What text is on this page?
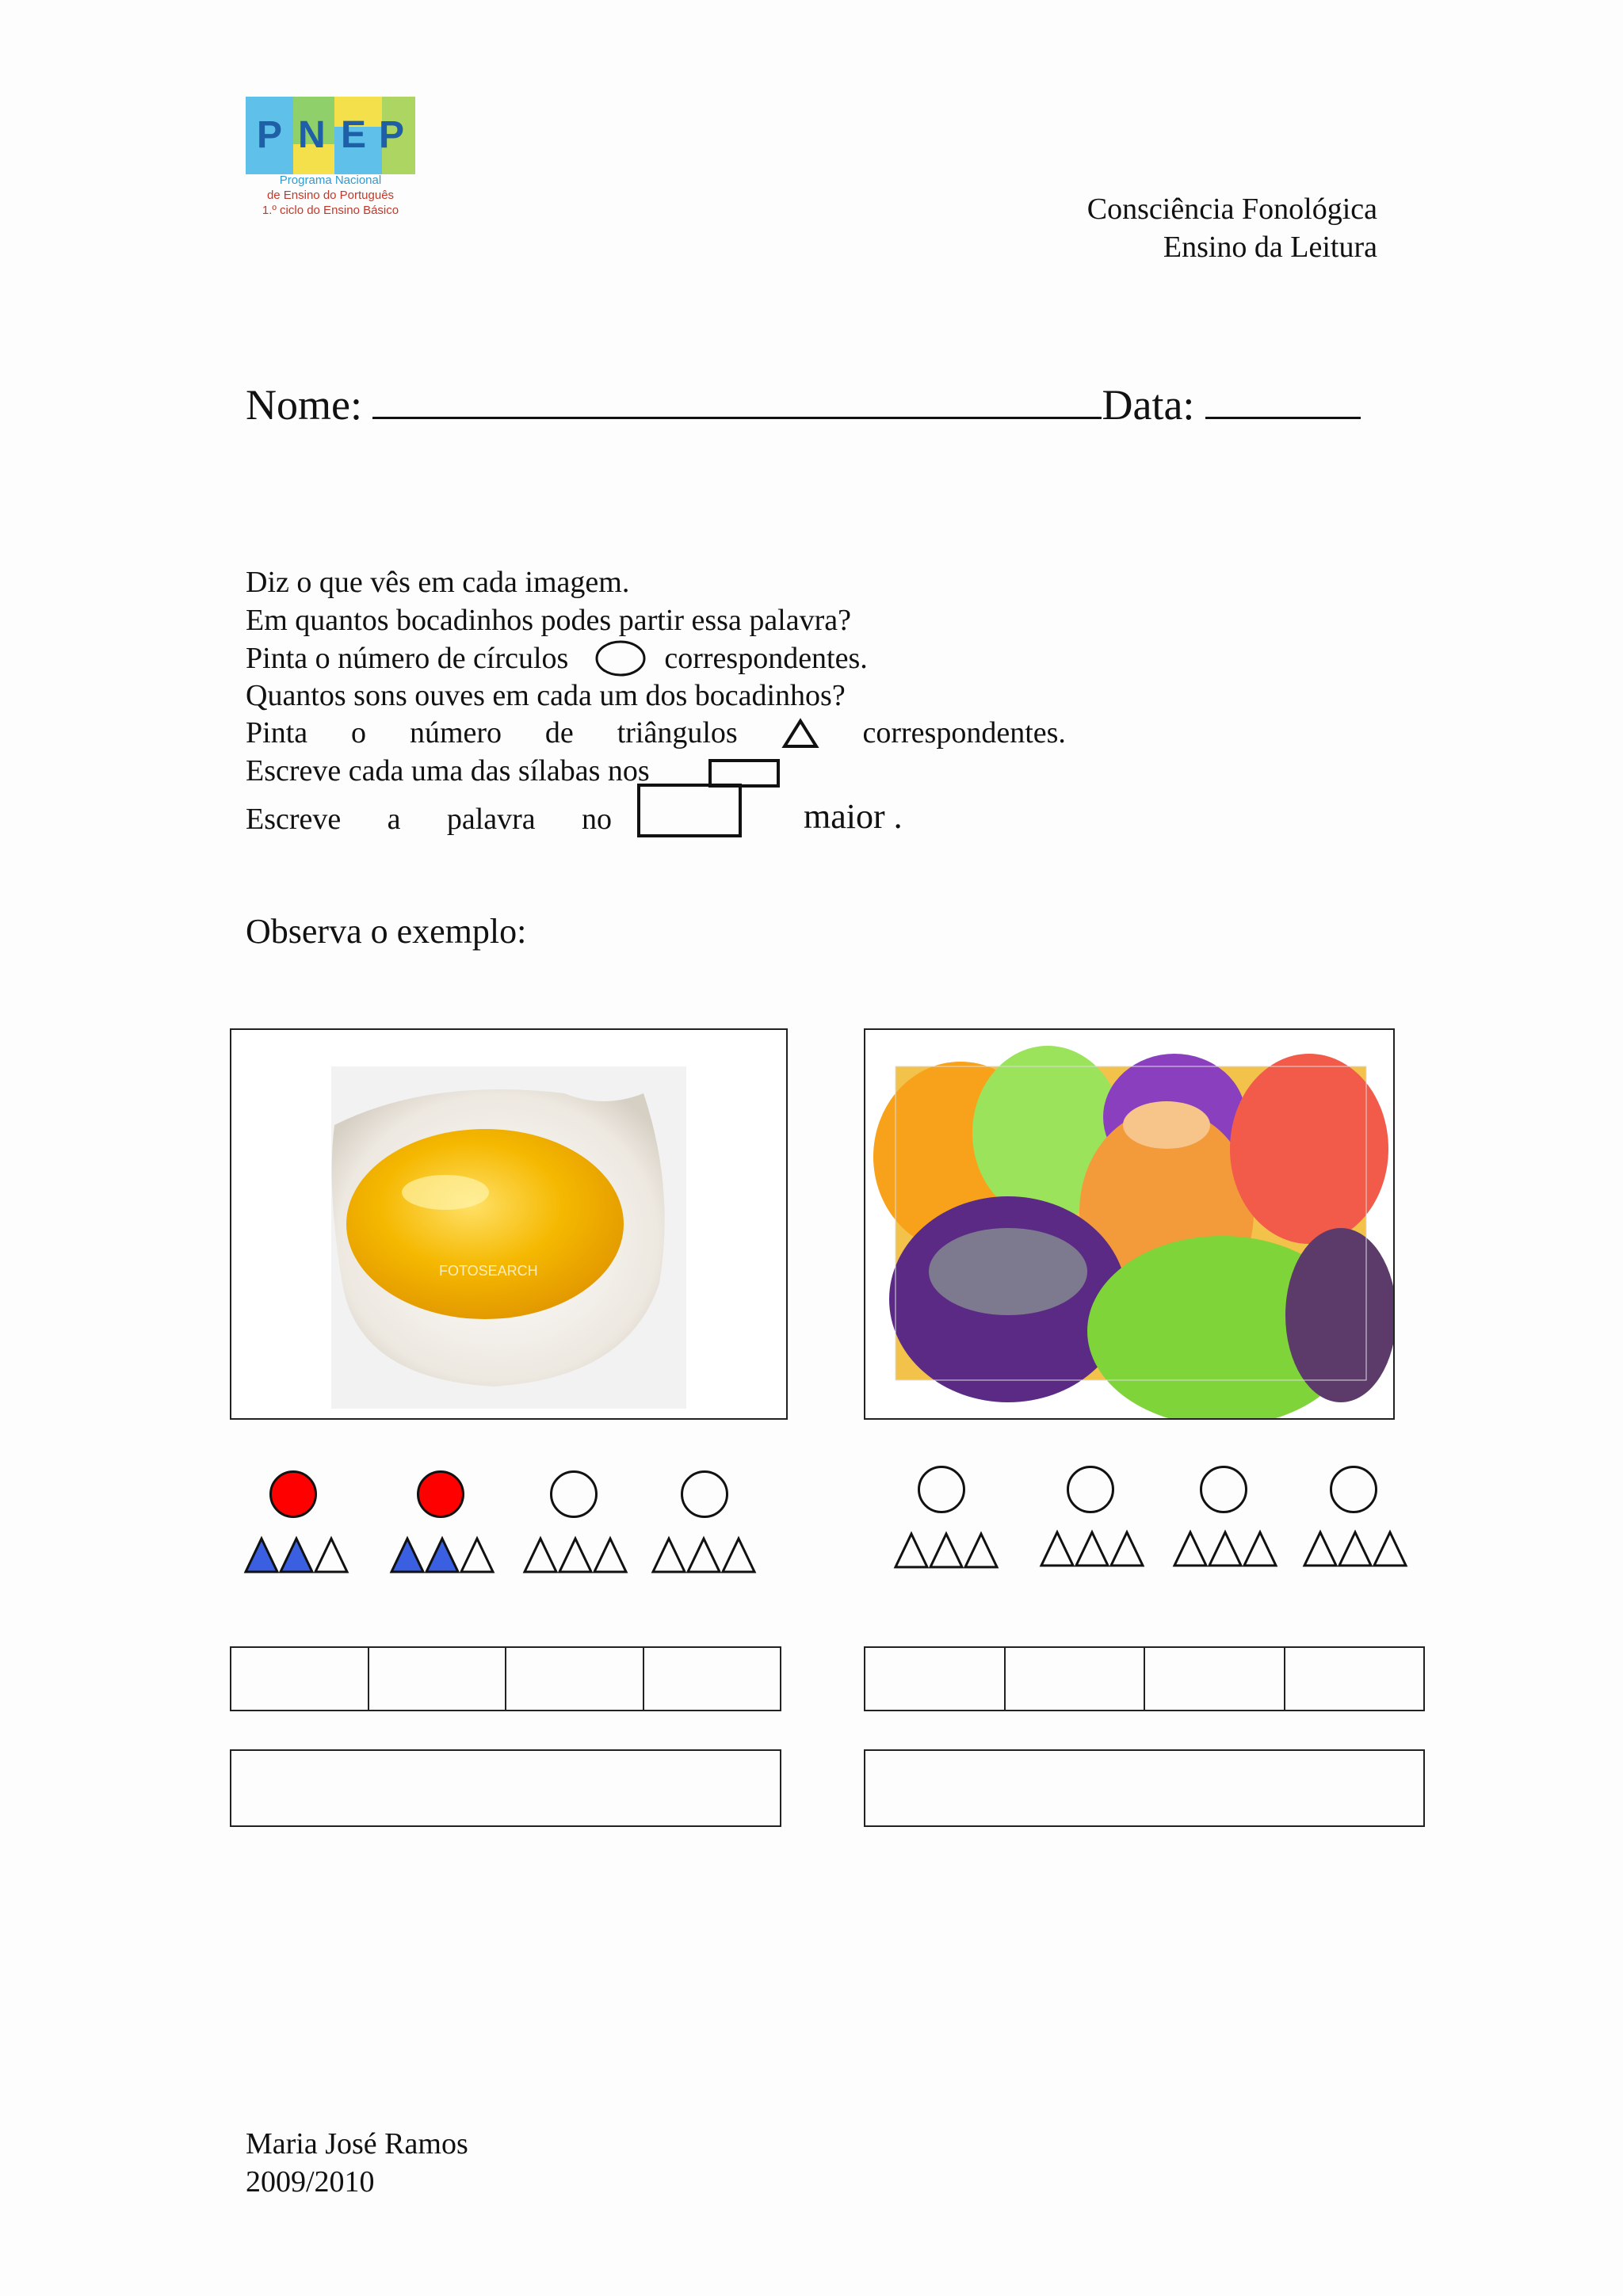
P N E P
Programa Nacional
de Ensino do Português
1.º ciclo do Ensino Básico	Consciência Fonológica
Ensino da Leitura
Nome:	Data:
Diz o que vês em cada imagem.
Em quantos bocadinhos podes partir essa palavra?
Pinta o número de círculos	correspondentes.
Quantos sons ouves em cada um dos bocadinhos?
Pinta o número de triângulos	correspondentes.
Escreve cada uma das sílabas nos
Escreve a palavra no	maior .
Observa o exemplo:
FOTOSEARCH
Maria José Ramos
2009/2010
